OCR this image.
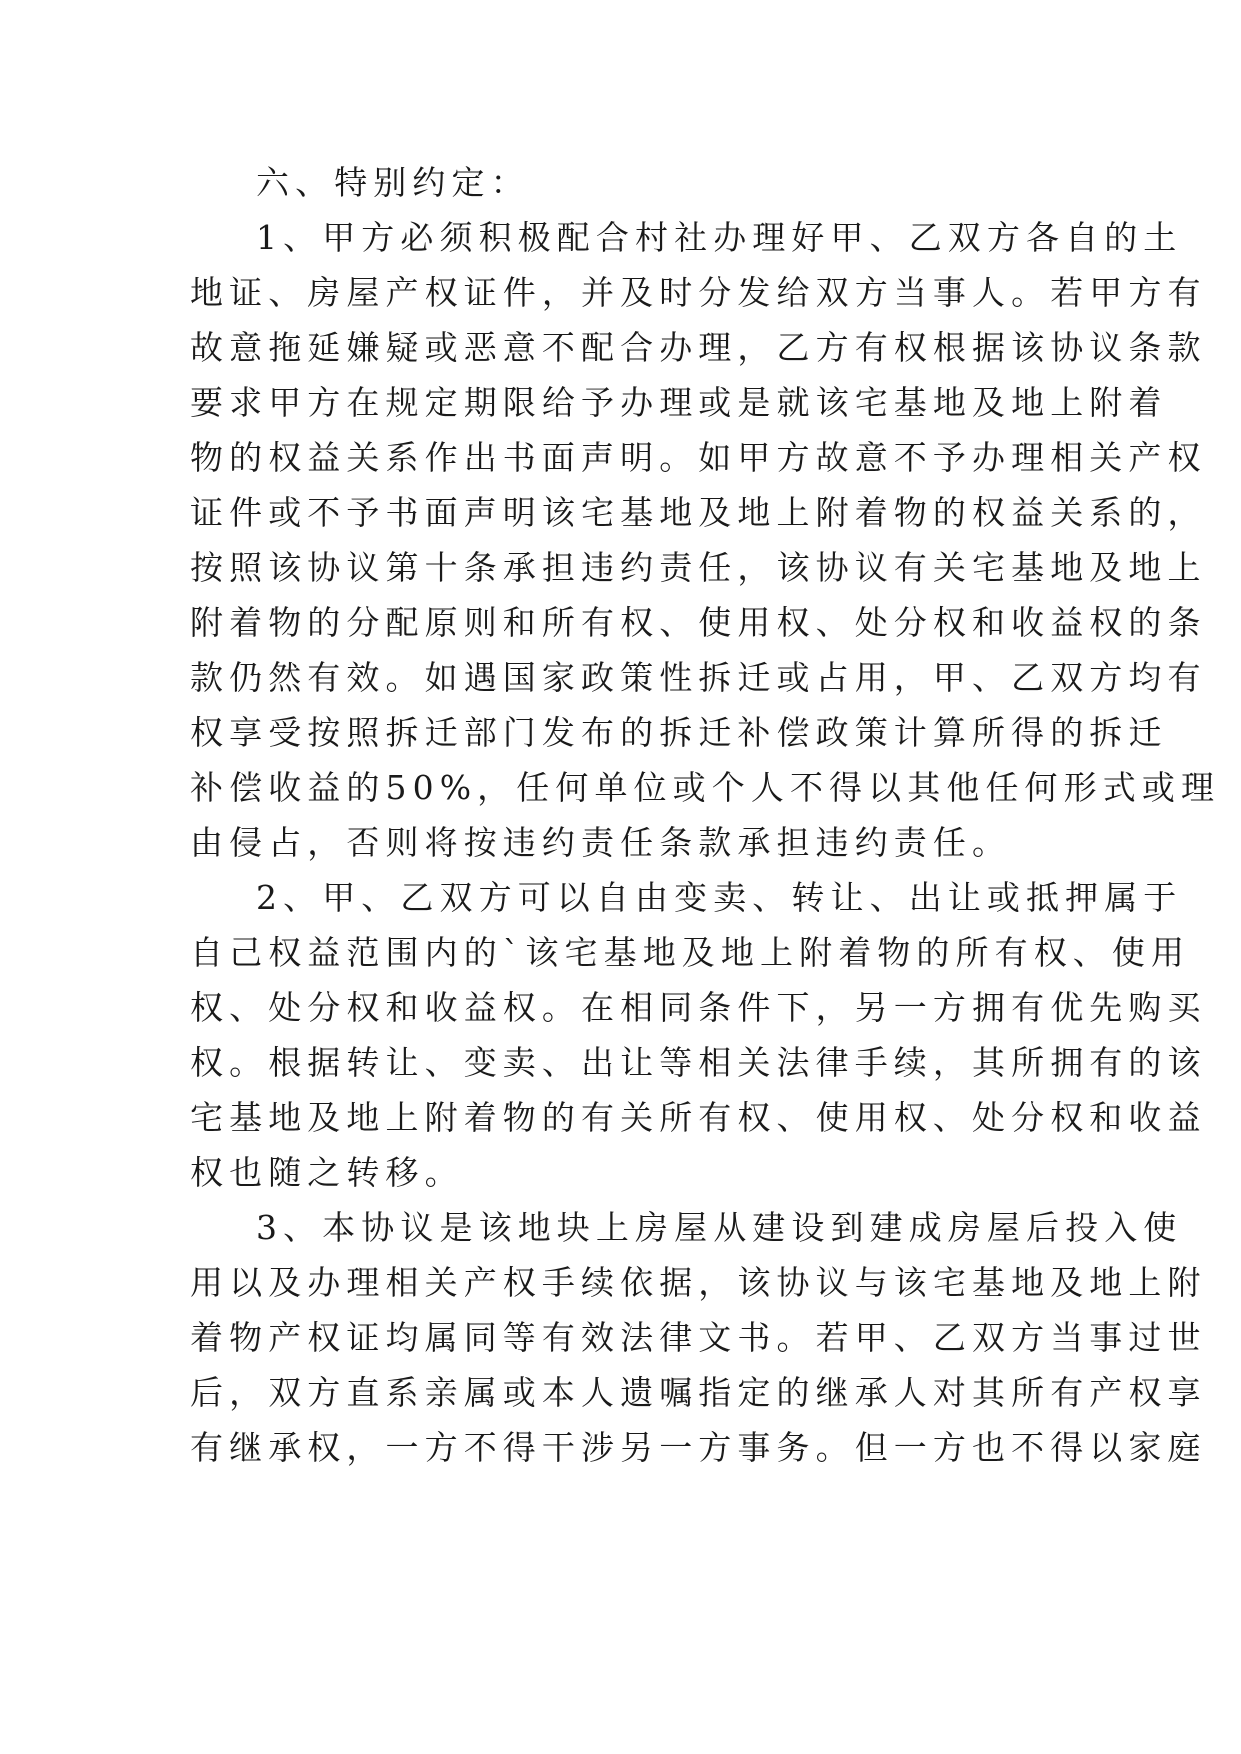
六、特别约定：
1、甲方必须积极配合村社办理好甲、乙双方各自的土
地证、房屋产权证件，并及时分发给双方当事人。若甲方有
故意拖延嫌疑或恶意不配合办理，乙方有权根据该协议条款
要求甲方在规定期限给予办理或是就该宅基地及地上附着
物的权益关系作出书面声明。如甲方故意不予办理相关产权
证件或不予书面声明该宅基地及地上附着物的权益关系的，
按照该协议第十条承担违约责任，该协议有关宅基地及地上
附着物的分配原则和所有权、使用权、处分权和收益权的条
款仍然有效。如遇国家政策性拆迁或占用，甲、乙双方均有
权享受按照拆迁部门发布的拆迁补偿政策计算所得的拆迁
补偿收益的50%，任何单位或个人不得以其他任何形式或理
由侵占，否则将按违约责任条款承担违约责任。
2、甲、乙双方可以自由变卖、转让、出让或抵押属于
自己权益范围内的`该宅基地及地上附着物的所有权、使用
权、处分权和收益权。在相同条件下，另一方拥有优先购买
权。根据转让、变卖、出让等相关法律手续，其所拥有的该
宅基地及地上附着物的有关所有权、使用权、处分权和收益
权也随之转移。
3、本协议是该地块上房屋从建设到建成房屋后投入使
用以及办理相关产权手续依据，该协议与该宅基地及地上附
着物产权证均属同等有效法律文书。若甲、乙双方当事过世
后，双方直系亲属或本人遗嘱指定的继承人对其所有产权享
有继承权，一方不得干涉另一方事务。但一方也不得以家庭
